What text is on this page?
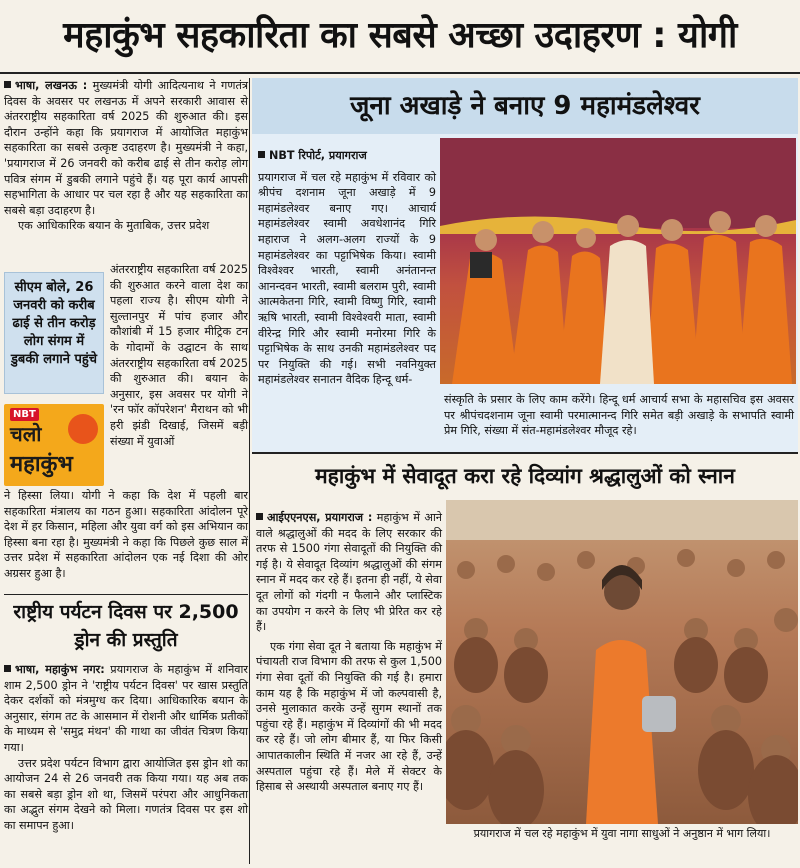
महाकुंभ सहकारिता का सबसे अच्छा उदाहरण : योगी
भाषा, लखनऊ : मुख्यमंत्री योगी आदित्यनाथ ने गणतंत्र दिवस के अवसर पर लखनऊ में अपने सरकारी आवास से अंतरराष्ट्रीय सहकारिता वर्ष 2025 की शुरुआत की। इस दौरान उन्होंने कहा कि प्रयागराज में आयोजित महाकुंभ सहकारिता का सबसे उत्कृष्ट उदाहरण है। मुख्यमंत्री ने कहा, 'प्रयागराज में 26 जनवरी को करीब ढाई से तीन करोड़ लोग पवित्र संगम में डुबकी लगाने पहुंचे हैं। यह पूरा कार्य आपसी सहभागिता के आधार पर चल रहा है और यह सहकारिता का सबसे बड़ा उदाहरण है।
एक आधिकारिक बयान के मुताबिक, उत्तर प्रदेश
सीएम बोले, 26 जनवरी को करीब ढाई से तीन करोड़ लोग संगम में डुबकी लगाने पहुंचे
अंतरराष्ट्रीय सहकारिता वर्ष 2025 की शुरुआत करने वाला देश का पहला राज्य है। सीएम योगी ने सुल्तानपुर में पांच हजार और कौशांबी में 15 हजार मीट्रिक टन के गोदामों के उद्घाटन के साथ अंतरराष्ट्रीय सहकारिता वर्ष 2025 की शुरुआत की। बयान के अनुसार, इस अवसर पर योगी ने 'रन फॉर कॉपरेशन' मैराथन को भी हरी झंडी दिखाई, जिसमें बड़ी संख्या में युवाओं
NBT
चलो
महाकुंभ
ने हिस्सा लिया। योगी ने कहा कि देश में पहली बार सहकारिता मंत्रालय का गठन हुआ। सहकारिता आंदोलन पूरे देश में हर किसान, महिला और युवा वर्ग को इस अभियान का हिस्सा बना रहा है। मुख्यमंत्री ने कहा कि पिछले कुछ साल में उत्तर प्रदेश में सहकारिता आंदोलन एक नई दिशा की ओर अग्रसर हुआ है।
राष्ट्रीय पर्यटन दिवस पर 2,500 ड्रोन की प्रस्तुति
भाषा, महाकुंभ नगर: प्रयागराज के महाकुंभ में शनिवार शाम 2,500 ड्रोन ने 'राष्ट्रीय पर्यटन दिवस' पर खास प्रस्तुति देकर दर्शकों को मंत्रमुग्ध कर दिया। आधिकारिक बयान के अनुसार, संगम तट के आसमान में रोशनी और धार्मिक प्रतीकों के माध्यम से 'समुद्र मंथन' की गाथा का जीवंत चित्रण किया गया।
उत्तर प्रदेश पर्यटन विभाग द्वारा आयोजित इस ड्रोन शो का आयोजन 24 से 26 जनवरी तक किया गया। यह अब तक का सबसे बड़ा ड्रोन शो था, जिसमें परंपरा और आधुनिकता का अद्भुत संगम देखने को मिला। गणतंत्र दिवस पर इस शो का समापन हुआ।
जूना अखाड़े ने बनाए 9 महामंडलेश्वर
NBT रिपोर्ट, प्रयागराज
प्रयागराज में चल रहे महाकुंभ में रविवार को श्रीपंच दशनाम जूना अखाड़े में 9 महामंडलेश्वर बनाए गए। आचार्य महामंडलेश्वर स्वामी अवधेशानंद गिरि महाराज ने अलग-अलग राज्यों के 9 महामंडलेश्वर का पट्टाभिषेक किया। स्वामी विश्वेश्वर भारती, स्वामी अनंतानन्त आनन्दवन भारती, स्वामी बलराम पुरी, स्वामी आत्मकेतना गिरि, स्वामी विष्णु गिरि, स्वामी ऋषि भारती, स्वामी विश्वेश्वरी माता, स्वामी वीरेन्द्र गिरि और स्वामी मनोरमा गिरि के पट्टाभिषेक के साथ उनकी महामंडलेश्वर पद पर नियुक्ति की गई। सभी नवनियुक्त महामंडलेश्वर सनातन वैदिक हिन्दू धर्म-
संस्कृति के प्रसार के लिए काम करेंगे। हिन्दू धर्म आचार्य सभा के महासचिव इस अवसर पर श्रीपंचदशनाम जूना स्वामी परमात्मानन्द गिरि समेत बड़ी अखाड़े के सभापति स्वामी प्रेम गिरि, संख्या में संत-महामंडलेश्वर मौजूद रहे।
महाकुंभ में सेवादूत करा रहे दिव्यांग श्रद्धालुओं को स्नान
आईएएनएस, प्रयागराज : महाकुंभ में आने वाले श्रद्धालुओं की मदद के लिए सरकार की तरफ से 1500 गंगा सेवादूतों की नियुक्ति की गई है। ये सेवादूत दिव्यांग श्रद्धालुओं की संगम स्नान में मदद कर रहे हैं। इतना ही नहीं, ये सेवा दूत लोगों को गंदगी न फैलाने और प्लास्टिक का उपयोग न करने के लिए भी प्रेरित कर रहे हैं।
एक गंगा सेवा दूत ने बताया कि महाकुंभ में पंचायती राज विभाग की तरफ से कुल 1,500 गंगा सेवा दूतों की नियुक्ति की गई है। हमारा काम यह है कि महाकुंभ में जो कल्पवासी है, उनसे मुलाकात करके उन्हें सुगम स्थानों तक पहुंचा रहे हैं। महाकुंभ में दिव्यांगों की भी मदद कर रहे हैं। जो लोग बीमार हैं, या फिर किसी आपातकालीन स्थिति में नजर आ रहे हैं, उन्हें अस्पताल पहुंचा रहे हैं। मेले में सेक्टर के हिसाब से अस्थायी अस्पताल बनाए गए हैं।
प्रयागराज में चल रहे महाकुंभ में युवा नागा साधुओं ने अनुष्ठान में भाग लिया।
